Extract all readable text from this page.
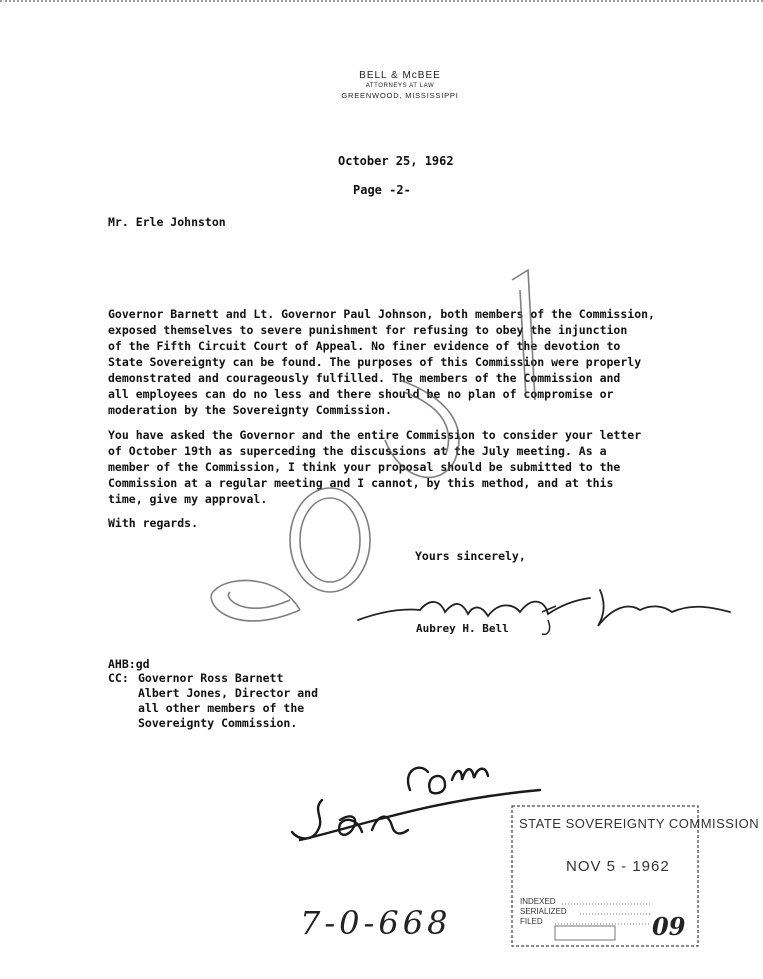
BELL & McBEE
ATTORNEYS AT LAW
GREENWOOD, MISSISSIPPI
October 25, 1962
Page -2-
Mr. Erle Johnston
Governor Barnett and Lt. Governor Paul Johnson, both members of the Commission,
exposed themselves to severe punishment for refusing to obey the injunction
of the Fifth Circuit Court of Appeal. No finer evidence of the devotion to
State Sovereignty can be found. The purposes of this Commission were properly
demonstrated and courageously fulfilled. The members of the Commission and
all employees can do no less and there should be no plan of compromise or
moderation by the Sovereignty Commission.
You have asked the Governor and the entire Commission to consider your letter
of October 19th as superceding the discussions at the July meeting. As a
member of the Commission, I think your proposal should be submitted to the
Commission at a regular meeting and I cannot, by this method, and at this
time, give my approval.
With regards.
Yours sincerely,
Aubrey H. Bell
AHB:gd
CC: Governor Ross Barnett
Albert Jones, Director and
all other members of the
Sovereignty Commission.
STATE SOVEREIGNTY COMMISSION
NOV 5 - 1962
INDEXED
SERIALIZED
FILED	09
7-0-668
